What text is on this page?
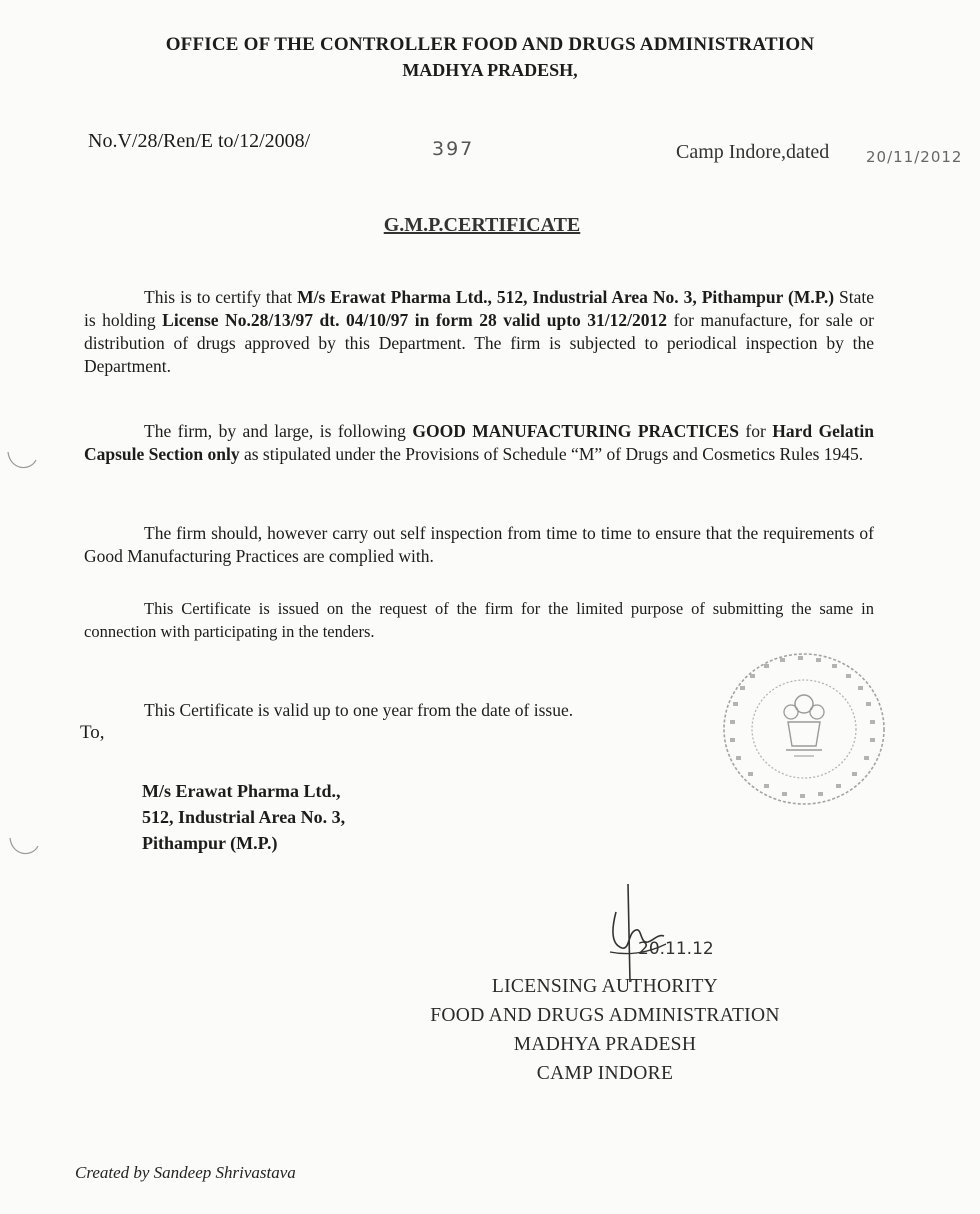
OFFICE OF THE CONTROLLER FOOD AND DRUGS ADMINISTRATION
MADHYA PRADESH,
No.V/28/Ren/E to/12/2008/	397	Camp Indore,dated 20/11/2012
G.M.P.CERTIFICATE
This is to certify that M/s Erawat Pharma Ltd., 512, Industrial Area No. 3, Pithampur (M.P.) State is holding License No.28/13/97 dt. 04/10/97 in form 28 valid upto 31/12/2012 for manufacture, for sale or distribution of drugs approved by this Department. The firm is subjected to periodical inspection by the Department.
The firm, by and large, is following GOOD MANUFACTURING PRACTICES for Hard Gelatin Capsule Section only as stipulated under the Provisions of Schedule “M” of Drugs and Cosmetics Rules 1945.
The firm should, however carry out self inspection from time to time to ensure that the requirements of Good Manufacturing Practices are complied with.
This Certificate is issued on the request of the firm for the limited purpose of submitting the same in connection with participating in the tenders.
This Certificate is valid up to one year from the date of issue.
To,
M/s Erawat Pharma Ltd.,
512, Industrial Area No. 3,
Pithampur (M.P.)
20.11.12
LICENSING AUTHORITY
FOOD AND DRUGS ADMINISTRATION
MADHYA PRADESH
CAMP INDORE
Created by Sandeep Shrivastava
